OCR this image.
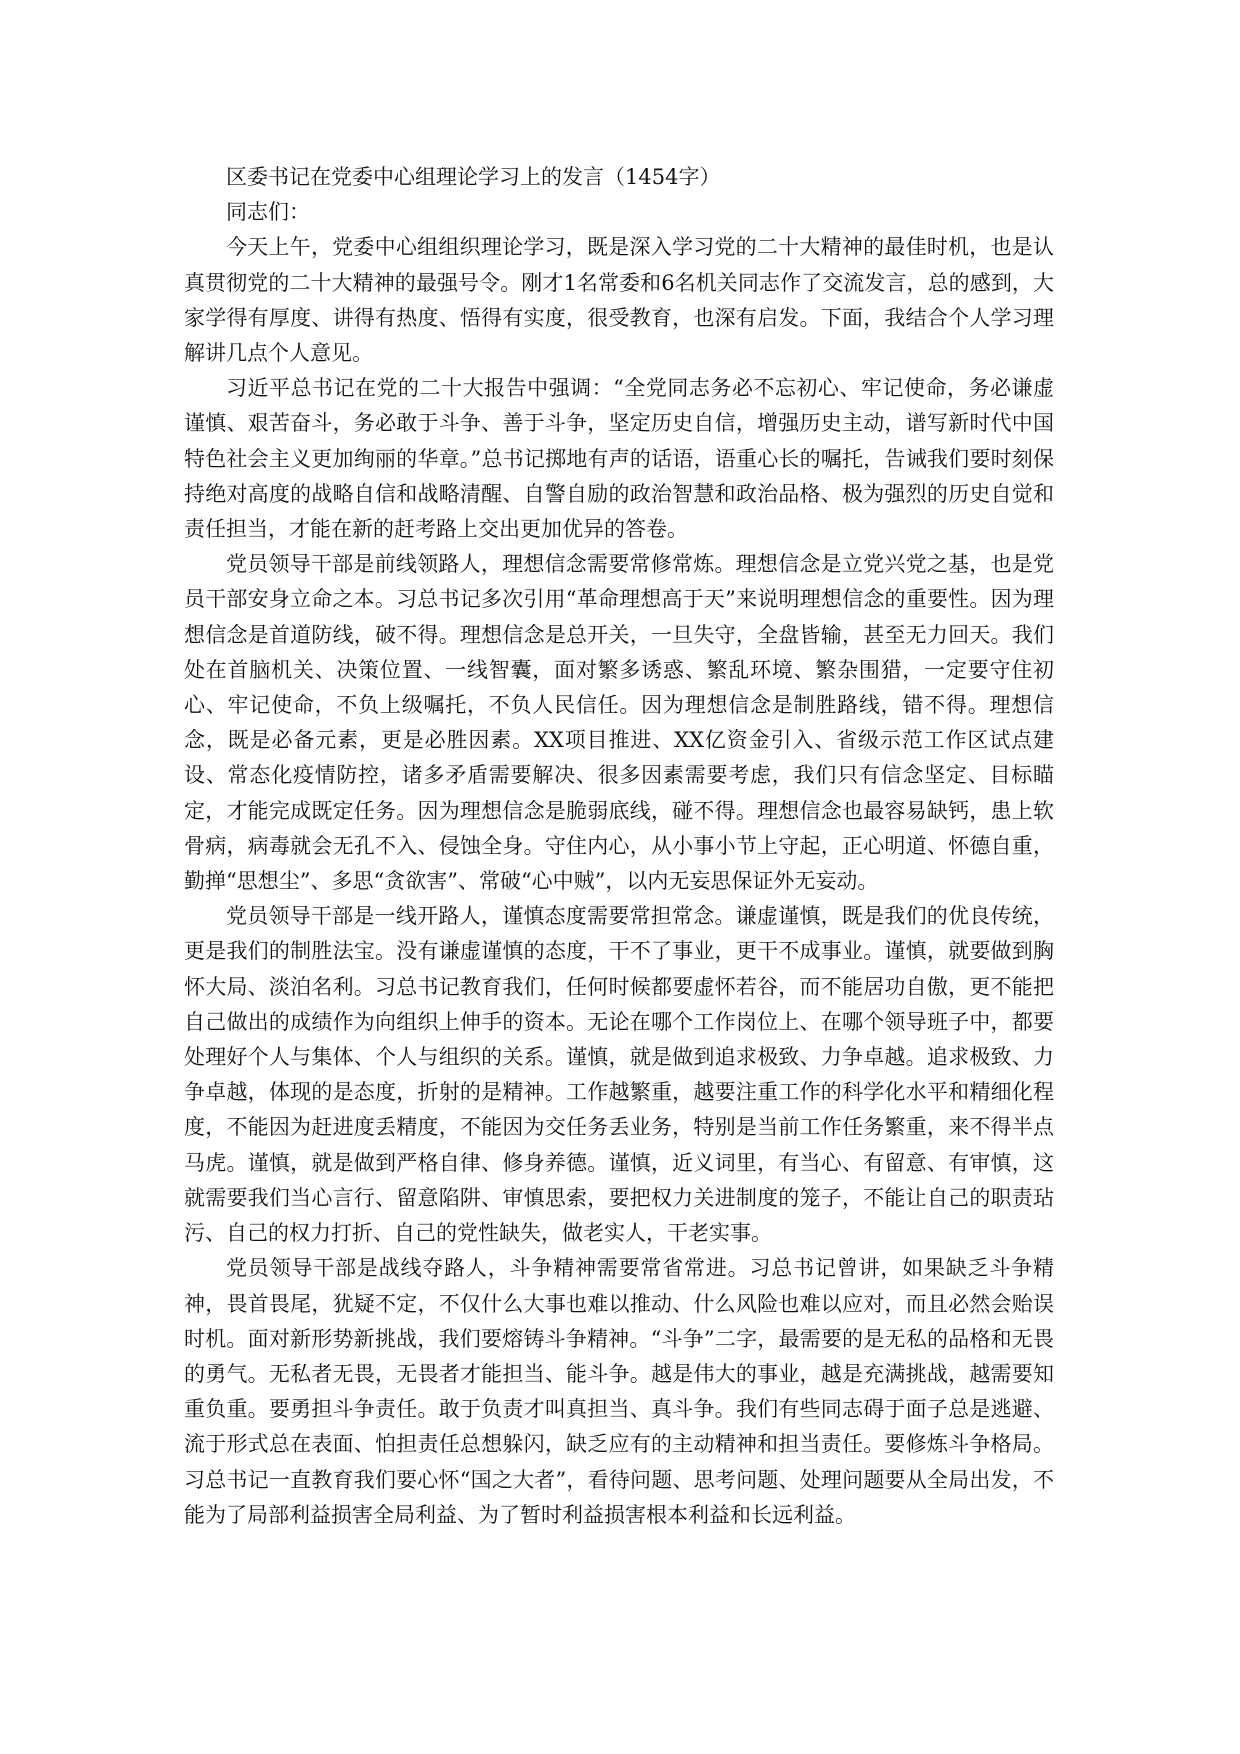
区委书记在党委中心组理论学习上的发言（1454字）

同志们：

今天上午，党委中心组组织理论学习，既是深入学习党的二十大精神的最佳时机，也是认真贯彻党的二十大精神的最强号令。刚才1名常委和6名机关同志作了交流发言，总的感到，大家学得有厚度、讲得有热度、悟得有实度，很受教育，也深有启发。下面，我结合个人学习理解讲几点个人意见。

习近平总书记在党的二十大报告中强调：“全党同志务必不忘初心、牢记使命，务必谦虚谨慎、艰苦奋斗，务必敢于斗争、善于斗争，坚定历史自信，增强历史主动，谱写新时代中国特色社会主义更加绚丽的华章。”总书记掷地有声的话语，语重心长的嘱托，告诫我们要时刻保持绝对高度的战略自信和战略清醒、自警自励的政治智慧和政治品格、极为强烈的历史自觉和责任担当，才能在新的赶考路上交出更加优异的答卷。

党员领导干部是前线领路人，理想信念需要常修常炼。理想信念是立党兴党之基，也是党员干部安身立命之本。习总书记多次引用“革命理想高于天”来说明理想信念的重要性。因为理想信念是首道防线，破不得。理想信念是总开关，一旦失守，全盘皆输，甚至无力回天。我们处在首脑机关、决策位置、一线智囊，面对繁多诱惑、繁乱环境、繁杂围猎，一定要守住初心、牢记使命，不负上级嘱托，不负人民信任。因为理想信念是制胜路线，错不得。理想信念，既是必备元素，更是必胜因素。XX项目推进、XX亿资金引入、省级示范工作区试点建设、常态化疫情防控，诸多矛盾需要解决、很多因素需要考虑，我们只有信念坚定、目标瞄定，才能完成既定任务。因为理想信念是脆弱底线，碰不得。理想信念也最容易缺钙，患上软骨病，病毒就会无孔不入、侵蚀全身。守住内心，从小事小节上守起，正心明道、怀德自重，勤掸“思想尘”、多思“贪欲害”、常破“心中贼”，以内无妄思保证外无妄动。

党员领导干部是一线开路人，谨慎态度需要常担常念。谦虚谨慎，既是我们的优良传统，更是我们的制胜法宝。没有谦虚谨慎的态度，干不了事业，更干不成事业。谨慎，就要做到胸怀大局、淡泊名利。习总书记教育我们，任何时候都要虚怀若谷，而不能居功自傲，更不能把自己做出的成绩作为向组织上伸手的资本。无论在哪个工作岗位上、在哪个领导班子中，都要处理好个人与集体、个人与组织的关系。谨慎，就是做到追求极致、力争卓越。追求极致、力争卓越，体现的是态度，折射的是精神。工作越繁重，越要注重工作的科学化水平和精细化程度，不能因为赶进度丢精度，不能因为交任务丢业务，特别是当前工作任务繁重，来不得半点马虎。谨慎，就是做到严格自律、修身养德。谨慎，近义词里，有当心、有留意、有审慎，这就需要我们当心言行、留意陷阱、审慎思索，要把权力关进制度的笼子，不能让自己的职责玷污、自己的权力打折、自己的党性缺失，做老实人，干老实事。

党员领导干部是战线夺路人，斗争精神需要常省常进。习总书记曾讲，如果缺乏斗争精神，畏首畏尾，犹疑不定，不仅什么大事也难以推动、什么风险也难以应对，而且必然会贻误时机。面对新形势新挑战，我们要熔铸斗争精神。“斗争”二字，最需要的是无私的品格和无畏的勇气。无私者无畏，无畏者才能担当、能斗争。越是伟大的事业，越是充满挑战，越需要知重负重。要勇担斗争责任。敢于负责才叫真担当、真斗争。我们有些同志碍于面子总是逃避、流于形式总在表面、怕担责任总想躲闪，缺乏应有的主动精神和担当责任。要修炼斗争格局。习总书记一直教育我们要心怀“国之大者”，看待问题、思考问题、处理问题要从全局出发，不能为了局部利益损害全局利益、为了暂时利益损害根本利益和长远利益。
